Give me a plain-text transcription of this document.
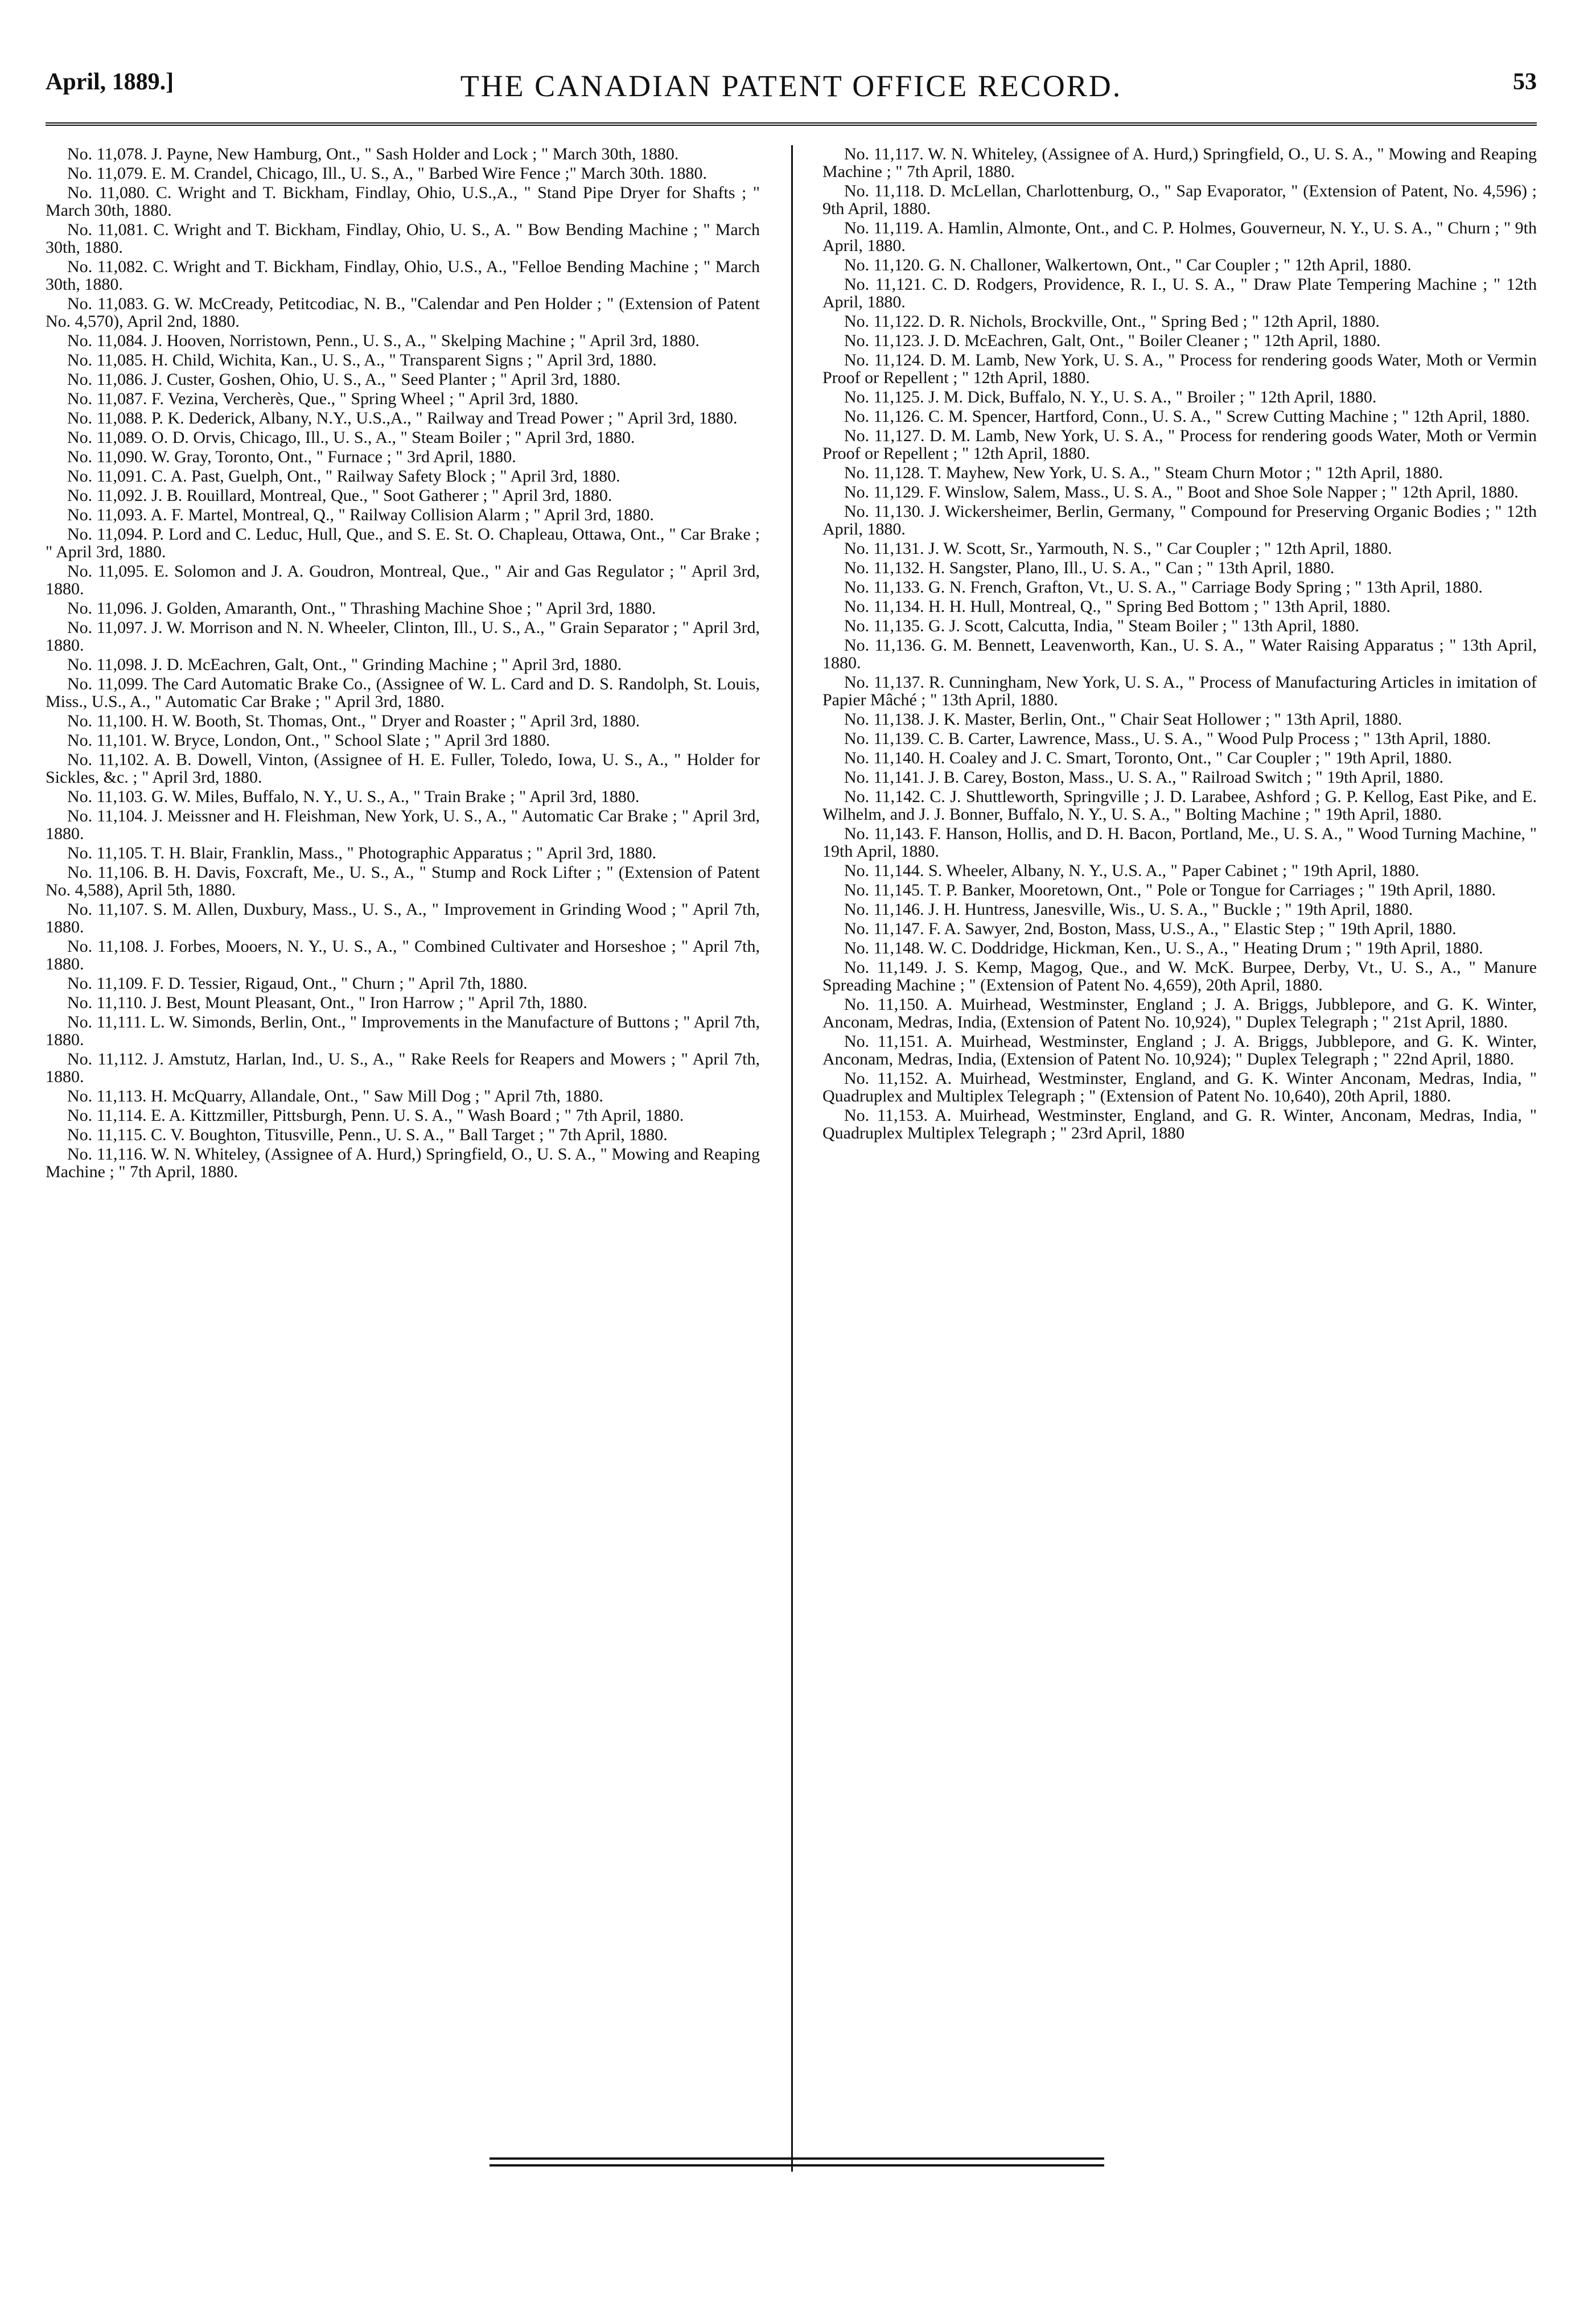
April, 1889.]	THE CANADIAN PATENT OFFICE RECORD.	53

No. 11,078. J. Payne, New Hamburg, Ont., " Sash Holder and Lock ; " March 30th, 1880.

No. 11,079. E. M. Crandel, Chicago, Ill., U. S., A., " Barbed Wire Fence ;" March 30th. 1880.

No. 11,080. C. Wright and T. Bickham, Findlay, Ohio, U.S.,A., " Stand Pipe Dryer for Shafts ; " March 30th, 1880.

No. 11,081. C. Wright and T. Bickham, Findlay, Ohio, U. S., A. " Bow Bending Machine ; " March 30th, 1880.

No. 11,082. C. Wright and T. Bickham, Findlay, Ohio, U.S., A., "Felloe Bending Machine ; " March 30th, 1880.

No. 11,083. G. W. McCready, Petitcodiac, N. B., "Calendar and Pen Holder ; " (Extension of Patent No. 4,570), April 2nd, 1880.

No. 11,084. J. Hooven, Norristown, Penn., U. S., A., " Skelping Machine ; " April 3rd, 1880.

No. 11,085. H. Child, Wichita, Kan., U. S., A., " Transparent Signs ; " April 3rd, 1880.

No. 11,086. J. Custer, Goshen, Ohio, U. S., A., " Seed Planter ; " April 3rd, 1880.

No. 11,087. F. Vezina, Vercherès, Que., " Spring Wheel ; " April 3rd, 1880.

No. 11,088. P. K. Dederick, Albany, N.Y., U.S.,A., " Railway and Tread Power ; " April 3rd, 1880.

No. 11,089. O. D. Orvis, Chicago, Ill., U. S., A., " Steam Boiler ; " April 3rd, 1880.

No. 11,090. W. Gray, Toronto, Ont., " Furnace ; " 3rd April, 1880.

No. 11,091. C. A. Past, Guelph, Ont., " Railway Safety Block ; " April 3rd, 1880.

No. 11,092. J. B. Rouillard, Montreal, Que., " Soot Gatherer ; " April 3rd, 1880.

No. 11,093. A. F. Martel, Montreal, Q., " Railway Collision Alarm ; " April 3rd, 1880.

No. 11,094. P. Lord and C. Leduc, Hull, Que., and S. E. St. O. Chapleau, Ottawa, Ont., " Car Brake ; " April 3rd, 1880.

No. 11,095. E. Solomon and J. A. Goudron, Montreal, Que., " Air and Gas Regulator ; " April 3rd, 1880.

No. 11,096. J. Golden, Amaranth, Ont., " Thrashing Machine Shoe ; " April 3rd, 1880.

No. 11,097. J. W. Morrison and N. N. Wheeler, Clinton, Ill., U. S., A., " Grain Separator ; " April 3rd, 1880.

No. 11,098. J. D. McEachren, Galt, Ont., " Grinding Machine ; " April 3rd, 1880.

No. 11,099. The Card Automatic Brake Co., (Assignee of W. L. Card and D. S. Randolph, St. Louis, Miss., U.S., A., " Automatic Car Brake ; " April 3rd, 1880.

No. 11,100. H. W. Booth, St. Thomas, Ont., " Dryer and Roaster ; " April 3rd, 1880.

No. 11,101. W. Bryce, London, Ont., " School Slate ; " April 3rd 1880.

No. 11,102. A. B. Dowell, Vinton, (Assignee of H. E. Fuller, Toledo, Iowa, U. S., A., " Holder for Sickles, &c. ; " April 3rd, 1880.

No. 11,103. G. W. Miles, Buffalo, N. Y., U. S., A., " Train Brake ; " April 3rd, 1880.

No. 11,104. J. Meissner and H. Fleishman, New York, U. S., A., " Automatic Car Brake ; " April 3rd, 1880.

No. 11,105. T. H. Blair, Franklin, Mass., " Photographic Apparatus ; " April 3rd, 1880.

No. 11,106. B. H. Davis, Foxcraft, Me., U. S., A., " Stump and Rock Lifter ; " (Extension of Patent No. 4,588), April 5th, 1880.

No. 11,107. S. M. Allen, Duxbury, Mass., U. S., A., " Improvement in Grinding Wood ; " April 7th, 1880.

No. 11,108. J. Forbes, Mooers, N. Y., U. S., A., " Combined Cultivater and Horseshoe ; " April 7th, 1880.

No. 11,109. F. D. Tessier, Rigaud, Ont., " Churn ; " April 7th, 1880.

No. 11,110. J. Best, Mount Pleasant, Ont., " Iron Harrow ; " April 7th, 1880.

No. 11,111. L. W. Simonds, Berlin, Ont., " Improvements in the Manufacture of Buttons ; " April 7th, 1880.

No. 11,112. J. Amstutz, Harlan, Ind., U. S., A., " Rake Reels for Reapers and Mowers ; " April 7th, 1880.

No. 11,113. H. McQuarry, Allandale, Ont., " Saw Mill Dog ; " April 7th, 1880.

No. 11,114. E. A. Kittzmiller, Pittsburgh, Penn. U. S. A., " Wash Board ; " 7th April, 1880.

No. 11,115. C. V. Boughton, Titusville, Penn., U. S. A., " Ball Target ; " 7th April, 1880.

No. 11,116. W. N. Whiteley, (Assignee of A. Hurd,) Springfield, O., U. S. A., " Mowing and Reaping Machine ; " 7th April, 1880.

No. 11,117. W. N. Whiteley, (Assignee of A. Hurd,) Springfield, O., U. S. A., " Mowing and Reaping Machine ; " 7th April, 1880.

No. 11,118. D. McLellan, Charlottenburg, O., " Sap Evaporator, " (Extension of Patent, No. 4,596) ; 9th April, 1880.

No. 11,119. A. Hamlin, Almonte, Ont., and C. P. Holmes, Gouverneur, N. Y., U. S. A., " Churn ; " 9th April, 1880.

No. 11,120. G. N. Challoner, Walkertown, Ont., " Car Coupler ; " 12th April, 1880.

No. 11,121. C. D. Rodgers, Providence, R. I., U. S. A., " Draw Plate Tempering Machine ; " 12th April, 1880.

No. 11,122. D. R. Nichols, Brockville, Ont., " Spring Bed ; " 12th April, 1880.

No. 11,123. J. D. McEachren, Galt, Ont., " Boiler Cleaner ; " 12th April, 1880.

No. 11,124. D. M. Lamb, New York, U. S. A., " Process for rendering goods Water, Moth or Vermin Proof or Repellent ; " 12th April, 1880.

No. 11,125. J. M. Dick, Buffalo, N. Y., U. S. A., " Broiler ; " 12th April, 1880.

No. 11,126. C. M. Spencer, Hartford, Conn., U. S. A., " Screw Cutting Machine ; " 12th April, 1880.

No. 11,127. D. M. Lamb, New York, U. S. A., " Process for rendering goods Water, Moth or Vermin Proof or Repellent ; " 12th April, 1880.

No. 11,128. T. Mayhew, New York, U. S. A., " Steam Churn Motor ; " 12th April, 1880.

No. 11,129. F. Winslow, Salem, Mass., U. S. A., " Boot and Shoe Sole Napper ; " 12th April, 1880.

No. 11,130. J. Wickersheimer, Berlin, Germany, " Compound for Preserving Organic Bodies ; " 12th April, 1880.

No. 11,131. J. W. Scott, Sr., Yarmouth, N. S., " Car Coupler ; " 12th April, 1880.

No. 11,132. H. Sangster, Plano, Ill., U. S. A., " Can ; " 13th April, 1880.

No. 11,133. G. N. French, Grafton, Vt., U. S. A., " Carriage Body Spring ; " 13th April, 1880.

No. 11,134. H. H. Hull, Montreal, Q., " Spring Bed Bottom ; " 13th April, 1880.

No. 11,135. G. J. Scott, Calcutta, India, " Steam Boiler ; " 13th April, 1880.

No. 11,136. G. M. Bennett, Leavenworth, Kan., U. S. A., " Water Raising Apparatus ; " 13th April, 1880.

No. 11,137. R. Cunningham, New York, U. S. A., " Process of Manufacturing Articles in imitation of Papier Mâché ; " 13th April, 1880.

No. 11,138. J. K. Master, Berlin, Ont., " Chair Seat Hollower ; " 13th April, 1880.

No. 11,139. C. B. Carter, Lawrence, Mass., U. S. A., " Wood Pulp Process ; " 13th April, 1880.

No. 11,140. H. Coaley and J. C. Smart, Toronto, Ont., " Car Coupler ; " 19th April, 1880.

No. 11,141. J. B. Carey, Boston, Mass., U. S. A., " Railroad Switch ; " 19th April, 1880.

No. 11,142. C. J. Shuttleworth, Springville ; J. D. Larabee, Ashford ; G. P. Kellog, East Pike, and E. Wilhelm, and J. J. Bonner, Buffalo, N. Y., U. S. A., " Bolting Machine ; " 19th April, 1880.

No. 11,143. F. Hanson, Hollis, and D. H. Bacon, Portland, Me., U. S. A., " Wood Turning Machine, " 19th April, 1880.

No. 11,144. S. Wheeler, Albany, N. Y., U.S. A., " Paper Cabinet ; " 19th April, 1880.

No. 11,145. T. P. Banker, Mooretown, Ont., " Pole or Tongue for Carriages ; " 19th April, 1880.

No. 11,146. J. H. Huntress, Janesville, Wis., U. S. A., " Buckle ; " 19th April, 1880.

No. 11,147. F. A. Sawyer, 2nd, Boston, Mass, U.S., A., " Elastic Step ; " 19th April, 1880.

No. 11,148. W. C. Doddridge, Hickman, Ken., U. S., A., " Heating Drum ; " 19th April, 1880.

No. 11,149. J. S. Kemp, Magog, Que., and W. McK. Burpee, Derby, Vt., U. S., A., " Manure Spreading Machine ; " (Extension of Patent No. 4,659), 20th April, 1880.

No. 11,150. A. Muirhead, Westminster, England ; J. A. Briggs, Jubblepore, and G. K. Winter, Anconam, Medras, India, (Extension of Patent No. 10,924), " Duplex Telegraph ; " 21st April, 1880.

No. 11,151. A. Muirhead, Westminster, England ; J. A. Briggs, Jubblepore, and G. K. Winter, Anconam, Medras, India, (Extension of Patent No. 10,924); " Duplex Telegraph ; " 22nd April, 1880.

No. 11,152. A. Muirhead, Westminster, England, and G. K. Winter Anconam, Medras, India, " Quadruplex and Multiplex Telegraph ; " (Extension of Patent No. 10,640), 20th April, 1880.

No. 11,153. A. Muirhead, Westminster, England, and G. R. Winter, Anconam, Medras, India, " Quadruplex Multiplex Telegraph ; " 23rd April, 1880
